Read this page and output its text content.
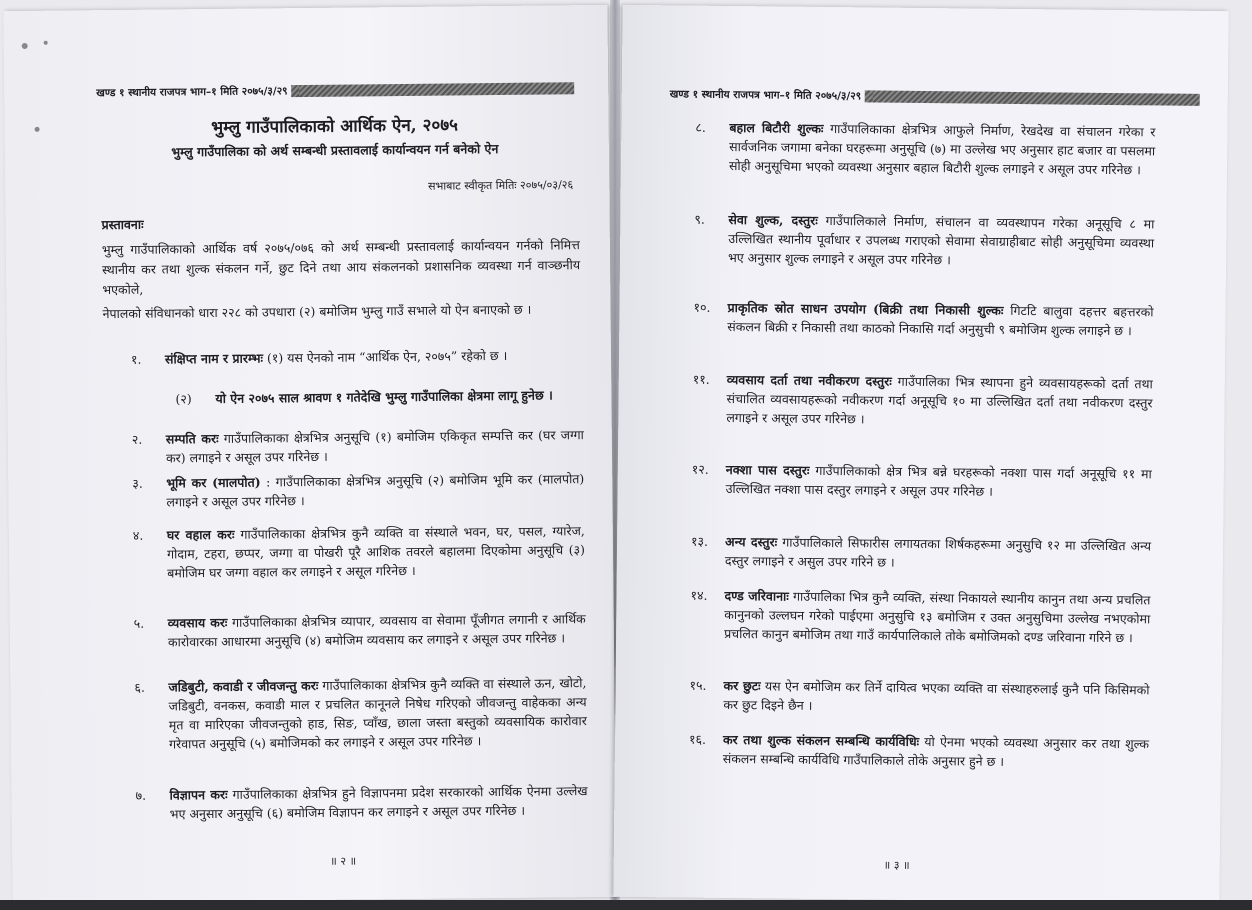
खण्ड १ स्थानीय राजपत्र भाग–१ मिति २०७५/३/२९
भुम्लु गाउँपालिकाको आर्थिक ऐन, २०७५
भुम्लु गाउँपालिका को अर्थ सम्बन्धी प्रस्तावलाई कार्यान्वयन गर्न बनेको ऐन
सभाबाट स्वीकृत मितिः २०७५/०३/२६
प्रस्तावनाः
भुम्लु गाउँपालिकाको आर्थिक वर्ष २०७५/०७६ को अर्थ सम्बन्धी प्रस्तावलाई कार्यान्वयन गर्नको निमित्त स्थानीय कर तथा शुल्क संकलन गर्ने, छुट दिने तथा आय संकलनको प्रशासनिक व्यवस्था गर्न वाञ्छनीय भएकोले,
नेपालको संविधानको धारा २२८ को उपधारा (२) बमोजिम भुम्लु गाउँ सभाले यो ऐन बनाएको छ ।
१.	संक्षिप्त नाम र प्रारम्भः (१) यस ऐनको नाम “आर्थिक ऐन, २०७५” रहेको छ ।
(२)	यो ऐन २०७५ साल श्रावण १ गतेदेखि भुम्लु गाउँपालिका क्षेत्रमा लागू हुनेछ ।
२.	सम्पति करः गाउँपालिकाका क्षेत्रभित्र अनुसूचि (१) बमोजिम एकिकृत सम्पत्ति कर (घर जग्गा कर) लगाइने र असूल उपर गरिनेछ ।
३.	भूमि कर (मालपोत) : गाउँपालिकाका क्षेत्रभित्र अनुसूचि (२) बमोजिम भूमि कर (मालपोत) लगाइने र असूल उपर गरिनेछ ।
४.	घर वहाल करः गाउँपालिकाका क्षेत्रभित्र कुनै व्यक्ति वा संस्थाले भवन, घर, पसल, ग्यारेज, गोदाम, टहरा, छप्पर, जग्गा वा पोखरी पूरै आशिक तवरले बहालमा दिएकोमा अनुसूचि (३) बमोजिम घर जग्गा वहाल कर लगाइने र असूल गरिनेछ ।
५.	व्यवसाय करः गाउँपालिकाका क्षेत्रभित्र व्यापार, व्यवसाय वा सेवामा पूँजीगत लगानी र आर्थिक कारोवारका आधारमा अनुसूचि (४) बमोजिम व्यवसाय कर लगाइने र असूल उपर गरिनेछ ।
६.	जडिबुटी, कवाडी र जीवजन्तु करः गाउँपालिकाका क्षेत्रभित्र कुनै व्यक्ति वा संस्थाले ऊन, खोटो, जडिबुटी, वनकस, कवाडी माल र प्रचलित कानूनले निषेध गरिएको जीवजन्तु वाहेकका अन्य मृत वा मारिएका जीवजन्तुको हाड, सिङ, प्वाँख, छाला जस्ता बस्तुको व्यवसायिक कारोवार गरेवापत अनुसूचि (५) बमोजिमको कर लगाइने र असूल उपर गरिनेछ ।
७.	विज्ञापन करः गाउँपालिकाका क्षेत्रभित्र हुने विज्ञापनमा प्रदेश सरकारको आर्थिक ऐनमा उल्लेख भए अनुसार अनुसूचि (६) बमोजिम विज्ञापन कर लगाइने र असूल उपर गरिनेछ ।
॥ २ ॥
खण्ड १ स्थानीय राजपत्र भाग–१ मिति २०७५/३/२९
८.	बहाल बिटौरी शुल्कः गाउँपालिकाका क्षेत्रभित्र आफुले निर्माण, रेखदेख वा संचालन गरेका र सार्वजनिक जगामा बनेका घरहरूमा अनुसूचि (७) मा उल्लेख भए अनुसार हाट बजार वा पसलमा सोही अनुसूचिमा भएको व्यवस्था अनुसार बहाल बिटौरी शुल्क लगाइने र असूल उपर गरिनेछ ।
९.	सेवा शुल्क, दस्तुरः गाउँपालिकाले निर्माण, संचालन वा व्यवस्थापन गरेका अनूसूचि ८ मा उल्लिखित स्थानीय पूर्वाधार र उपलब्ध गराएको सेवामा सेवाग्राहीबाट सोही अनुसूचिमा व्यवस्था भए अनुसार शुल्क लगाइने र असूल उपर गरिनेछ ।
१०.	प्राकृतिक स्रोत साधन उपयोग (बिक्री तथा निकासी शुल्कः गिटटि बालुवा दहत्तर बहत्तरको संकलन बिक्री र निकासी तथा काठको निकासि गर्दा अनुसुची ९ बमोजिम शुल्क लगाइने छ ।
११.	व्यवसाय दर्ता तथा नवीकरण दस्तुरः गाउँपालिका भित्र स्थापना हुने व्यवसायहरूको दर्ता तथा संचालित व्यवसायहरूको नवीकरण गर्दा अनूसूचि १० मा उल्लिखित दर्ता तथा नवीकरण दस्तुर लगाइने र असूल उपर गरिनेछ ।
१२.	नक्शा पास दस्तुरः गाउँपालिकाको क्षेत्र भित्र बन्ने घरहरूको नक्शा पास गर्दा अनूसूचि ११ मा उल्लिखित नक्शा पास दस्तुर लगाइने र असूल उपर गरिनेछ ।
१३.	अन्य दस्तुरः गाउँपालिकाले सिफारीस लगायतका शिर्षकहरूमा अनुसुचि १२ मा उल्लिखित अन्य दस्तुर लगाइने र असुल उपर गरिने छ ।
१४.	दण्ड जरिवानाः गाउँपालिका भित्र कुनै व्यक्ति, संस्था निकायले स्थानीय कानुन तथा अन्य प्रचलित कानुनको उल्लघन गरेको पाईएमा अनुसुचि १३ बमोजिम र उक्त अनुसुचिमा उल्लेख नभएकोमा प्रचलित कानुन बमोजिम तथा गाउँ कार्यपालिकाले तोके बमोजिमको दण्ड जरिवाना गरिने छ ।
१५.	कर छुटः यस ऐन बमोजिम कर तिर्ने दायित्व भएका व्यक्ति वा संस्थाहरुलाई कुनै पनि किसिमको कर छुट दिइने छैन ।
१६.	कर तथा शुल्क संकलन सम्बन्धि कार्यविधिः यो ऐनमा भएको व्यवस्था अनुसार कर तथा शुल्क संकलन सम्बन्धि कार्यविधि गाउँपालिकाले तोके अनुसार हुने छ ।
॥ ३ ॥
